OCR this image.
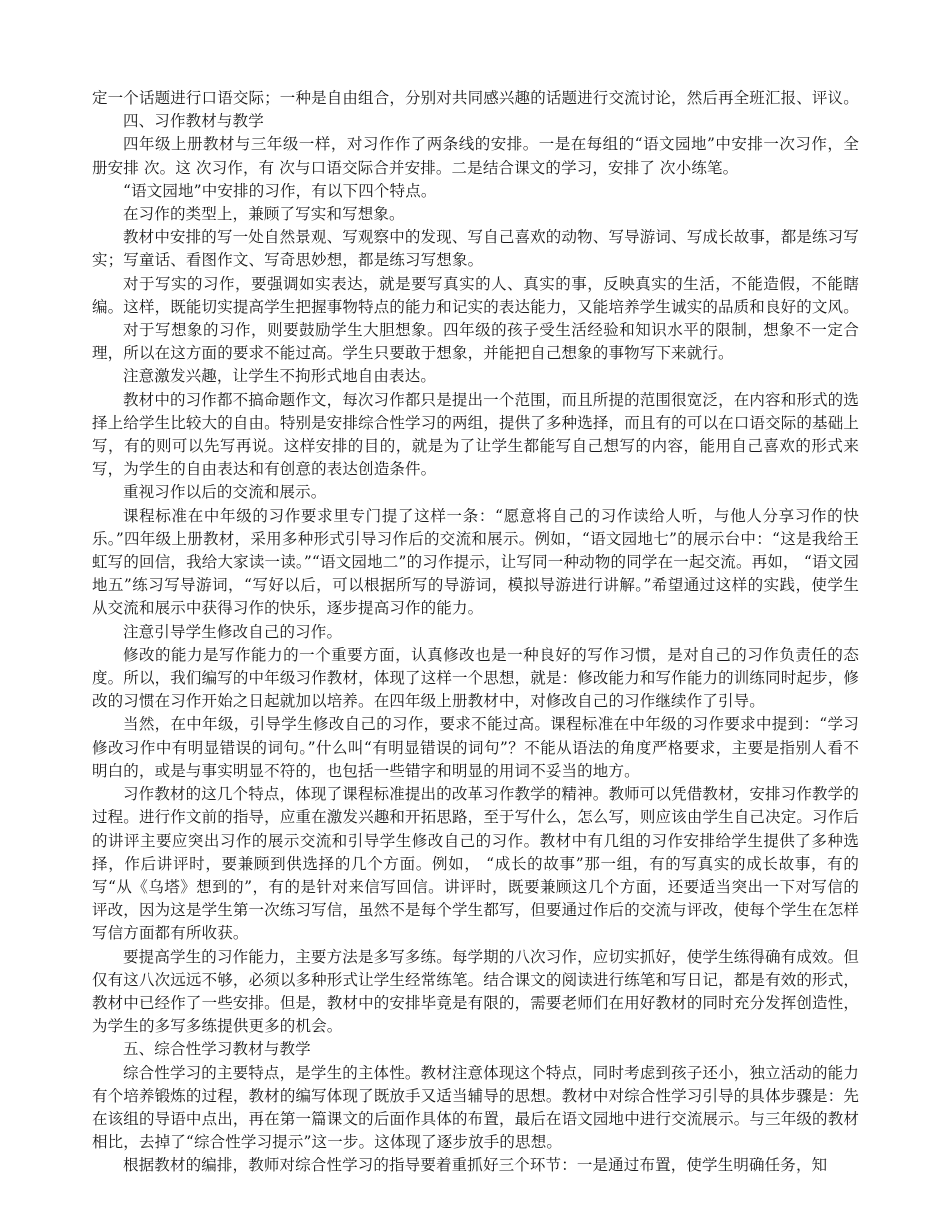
定一个话题进行口语交际；一种是自由组合，分别对共同感兴趣的话题进行交流讨论，然后再全班汇报、评议。

四、习作教材与教学

四年级上册教材与三年级一样，对习作作了两条线的安排。一是在每组的“语文园地”中安排一次习作，全册安排 次。这 次习作，有 次与口语交际合并安排。二是结合课文的学习，安排了 次小练笔。

“语文园地”中安排的习作，有以下四个特点。

在习作的类型上，兼顾了写实和写想象。

教材中安排的写一处自然景观、写观察中的发现、写自己喜欢的动物、写导游词、写成长故事，都是练习写实；写童话、看图作文、写奇思妙想，都是练习写想象。

对于写实的习作，要强调如实表达，就是要写真实的人、真实的事，反映真实的生活，不能造假，不能瞎编。这样，既能切实提高学生把握事物特点的能力和记实的表达能力，又能培养学生诚实的品质和良好的文风。

对于写想象的习作，则要鼓励学生大胆想象。四年级的孩子受生活经验和知识水平的限制，想象不一定合理，所以在这方面的要求不能过高。学生只要敢于想象，并能把自己想象的事物写下来就行。

注意激发兴趣，让学生不拘形式地自由表达。

教材中的习作都不搞命题作文，每次习作都只是提出一个范围，而且所提的范围很宽泛，在内容和形式的选择上给学生比较大的自由。特别是安排综合性学习的两组，提供了多种选择，而且有的可以在口语交际的基础上写，有的则可以先写再说。这样安排的目的，就是为了让学生都能写自己想写的内容，能用自己喜欢的形式来写，为学生的自由表达和有创意的表达创造条件。

重视习作以后的交流和展示。

课程标准在中年级的习作要求里专门提了这样一条：“愿意将自己的习作读给人听，与他人分享习作的快乐。”四年级上册教材，采用多种形式引导习作后的交流和展示。例如，“语文园地七”的展示台中：“这是我给王虹写的回信，我给大家读一读。”“语文园地二”的习作提示，让写同一种动物的同学在一起交流。再如， “语文园地五”练习写导游词，“写好以后，可以根据所写的导游词，模拟导游进行讲解。”希望通过这样的实践，使学生从交流和展示中获得习作的快乐，逐步提高习作的能力。

注意引导学生修改自己的习作。

修改的能力是写作能力的一个重要方面，认真修改也是一种良好的写作习惯，是对自己的习作负责任的态度。所以，我们编写的中年级习作教材，体现了这样一个思想，就是：修改能力和写作能力的训练同时起步，修改的习惯在习作开始之日起就加以培养。在四年级上册教材中，对修改自己的习作继续作了引导。

当然，在中年级，引导学生修改自己的习作，要求不能过高。课程标准在中年级的习作要求中提到：“学习修改习作中有明显错误的词句。”什么叫“有明显错误的词句”？不能从语法的角度严格要求，主要是指别人看不明白的，或是与事实明显不符的，也包括一些错字和明显的用词不妥当的地方。

习作教材的这几个特点，体现了课程标准提出的改革习作教学的精神。教师可以凭借教材，安排习作教学的过程。进行作文前的指导，应重在激发兴趣和开拓思路，至于写什么，怎么写，则应该由学生自己决定。习作后的讲评主要应突出习作的展示交流和引导学生修改自己的习作。教材中有几组的习作安排给学生提供了多种选择，作后讲评时，要兼顾到供选择的几个方面。例如， “成长的故事”那一组，有的写真实的成长故事，有的写“从《乌塔》想到的”，有的是针对来信写回信。讲评时，既要兼顾这几个方面，还要适当突出一下对写信的评改，因为这是学生第一次练习写信，虽然不是每个学生都写，但要通过作后的交流与评改，使每个学生在怎样写信方面都有所收获。

要提高学生的习作能力，主要方法是多写多练。每学期的八次习作，应切实抓好，使学生练得确有成效。但仅有这八次远远不够，必须以多种形式让学生经常练笔。结合课文的阅读进行练笔和写日记，都是有效的形式，教材中已经作了一些安排。但是，教材中的安排毕竟是有限的，需要老师们在用好教材的同时充分发挥创造性，为学生的多写多练提供更多的机会。

五、综合性学习教材与教学

综合性学习的主要特点，是学生的主体性。教材注意体现这个特点，同时考虑到孩子还小，独立活动的能力有个培养锻炼的过程，教材的编写体现了既放手又适当辅导的思想。教材中对综合性学习引导的具体步骤是：先在该组的导语中点出，再在第一篇课文的后面作具体的布置，最后在语文园地中进行交流展示。与三年级的教材相比，去掉了“综合性学习提示”这一步。这体现了逐步放手的思想。

根据教材的编排，教师对综合性学习的指导要着重抓好三个环节：一是通过布置，使学生明确任务，知
